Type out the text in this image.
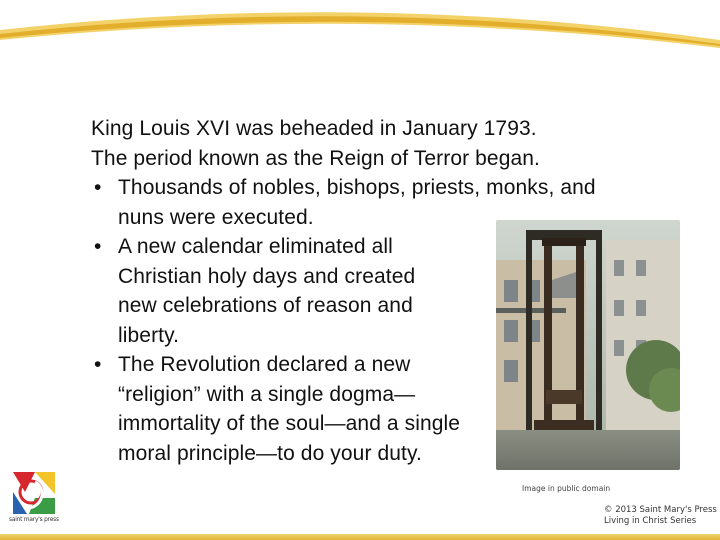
King Louis XVI was beheaded in January 1793.

The period known as the Reign of Terror began.

• Thousands of nobles, bishops, priests, monks, and nuns were executed.
• A new calendar eliminated all Christian holy days and created new celebrations of reason and liberty.
• The Revolution declared a new “religion” with a single dogma—immortality of the soul—and a single moral principle—to do your duty.
Image in public domain
saint mary's press
© 2013 Saint Mary's Press
Living in Christ Series
